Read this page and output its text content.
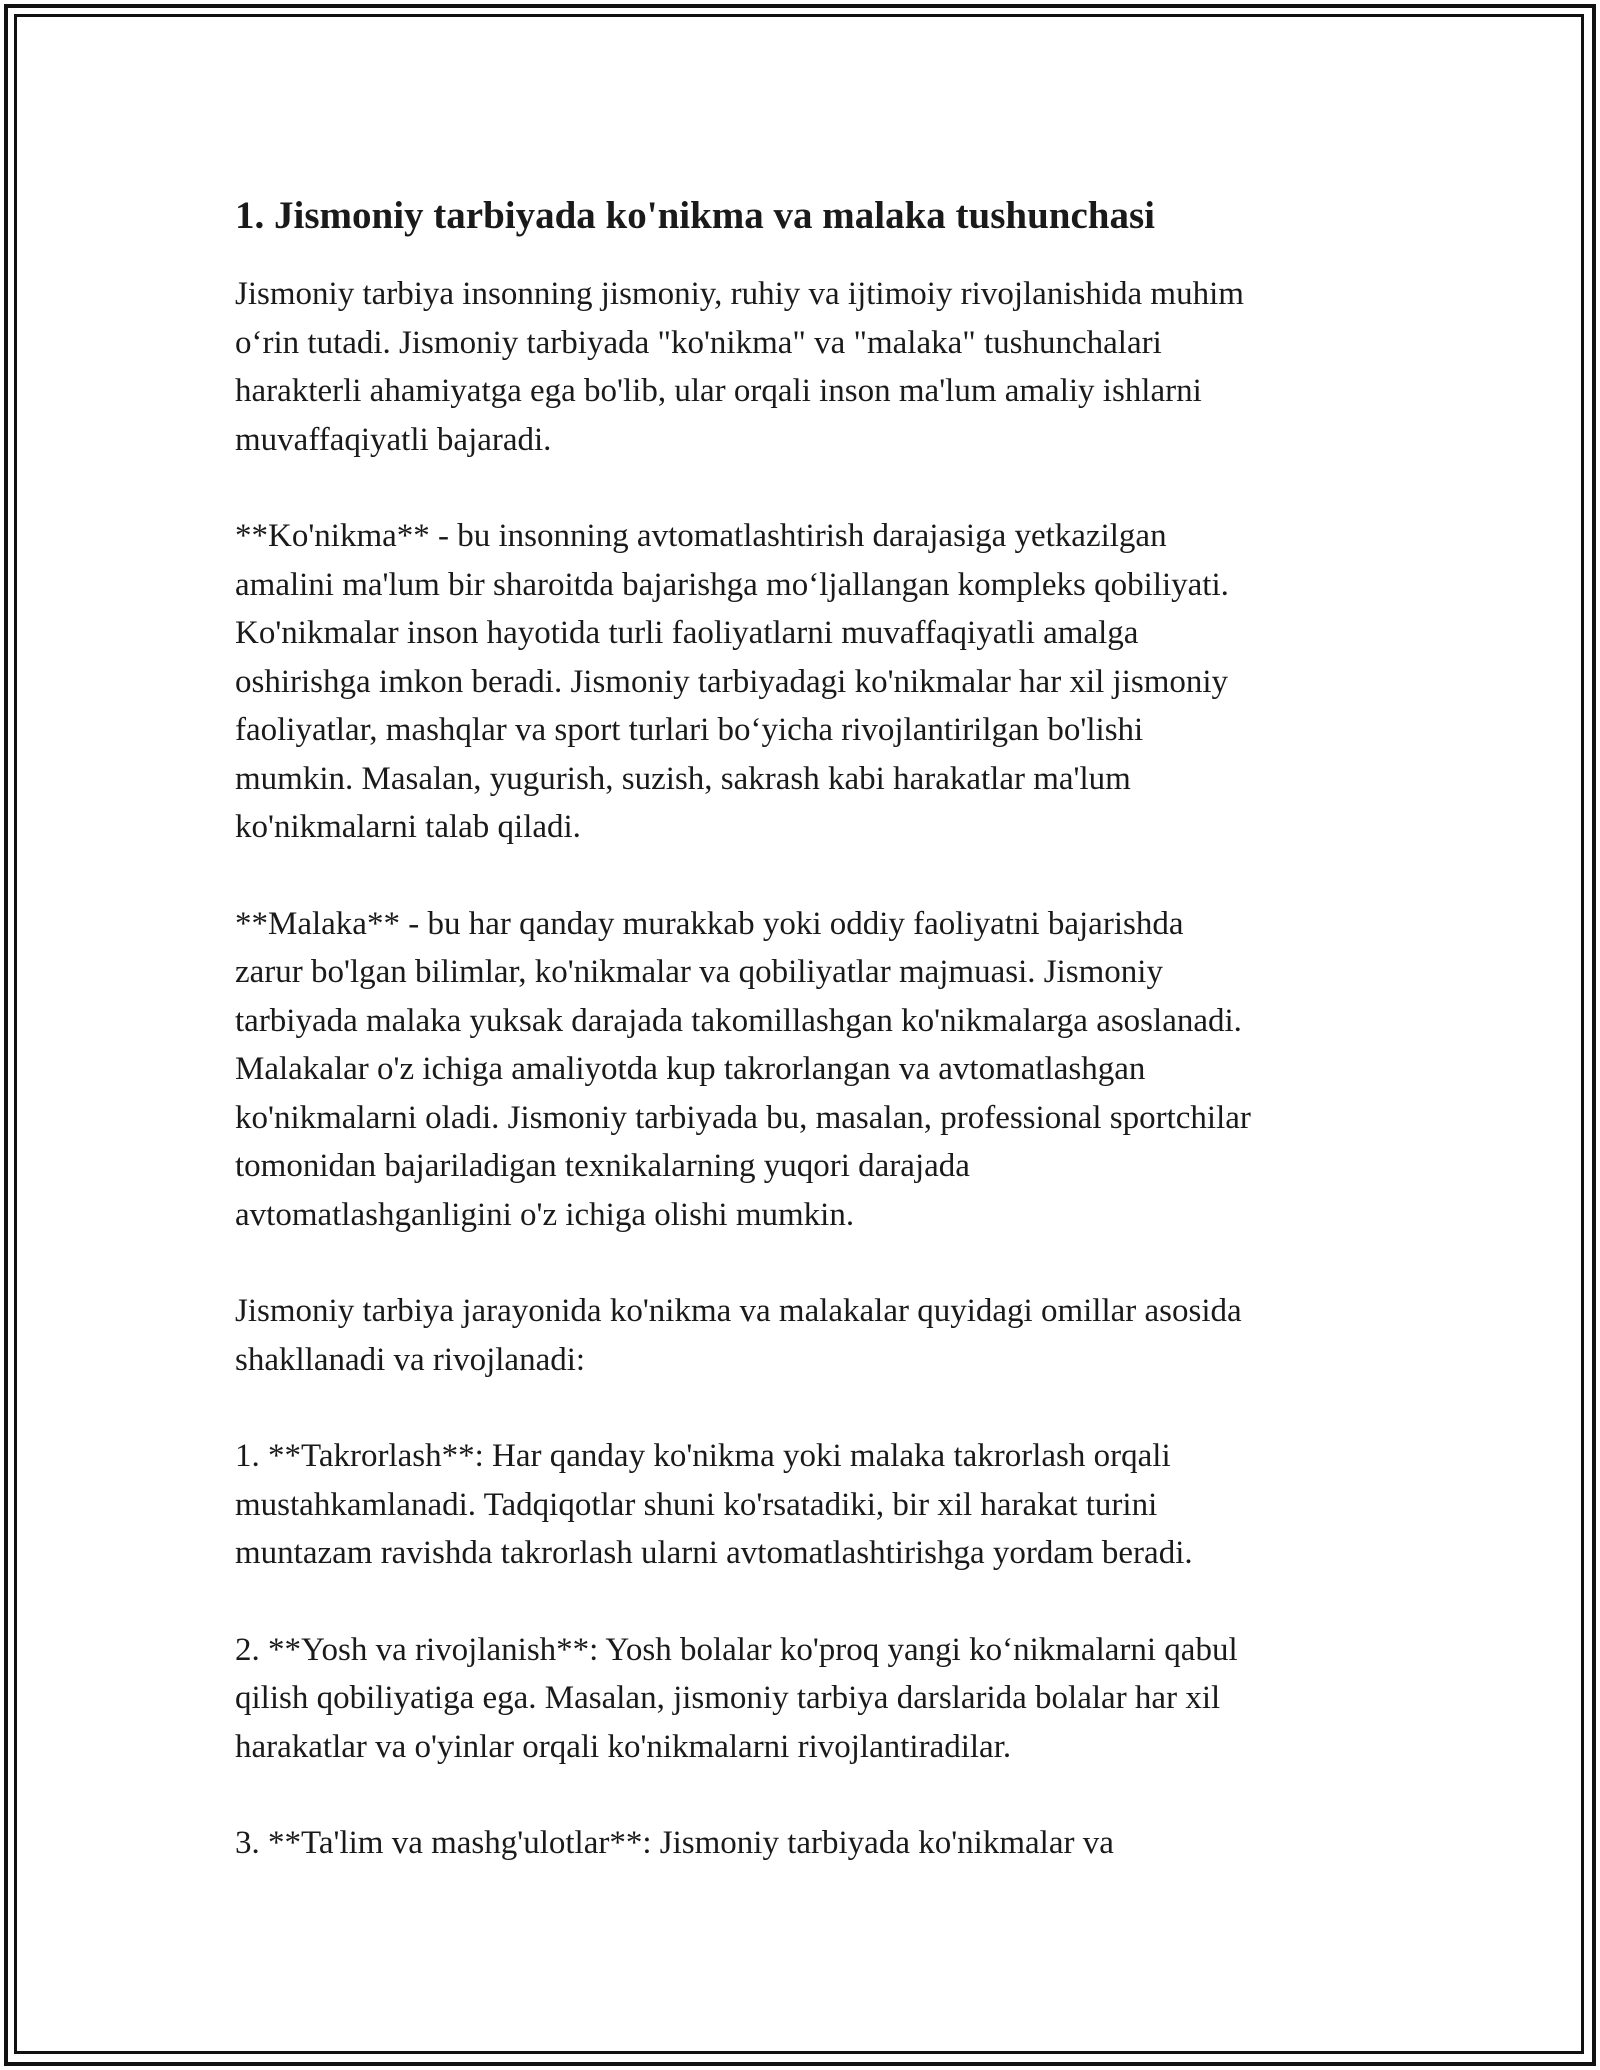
1. Jismoniy tarbiyada ko'nikma va malaka tushunchasi

Jismoniy tarbiya insonning jismoniy, ruhiy va ijtimoiy rivojlanishida muhim
o‘rin tutadi. Jismoniy tarbiyada "ko'nikma" va "malaka" tushunchalari
harakterli ahamiyatga ega bo'lib, ular orqali inson ma'lum amaliy ishlarni
muvaffaqiyatli bajaradi.

**Ko'nikma** - bu insonning avtomatlashtirish darajasiga yetkazilgan
amalini ma'lum bir sharoitda bajarishga mo‘ljallangan kompleks qobiliyati.
Ko'nikmalar inson hayotida turli faoliyatlarni muvaffaqiyatli amalga
oshirishga imkon beradi. Jismoniy tarbiyadagi ko'nikmalar har xil jismoniy
faoliyatlar, mashqlar va sport turlari bo‘yicha rivojlantirilgan bo'lishi
mumkin. Masalan, yugurish, suzish, sakrash kabi harakatlar ma'lum
ko'nikmalarni talab qiladi.

**Malaka** - bu har qanday murakkab yoki oddiy faoliyatni bajarishda
zarur bo'lgan bilimlar, ko'nikmalar va qobiliyatlar majmuasi. Jismoniy
tarbiyada malaka yuksak darajada takomillashgan ko'nikmalarga asoslanadi.
Malakalar o'z ichiga amaliyotda kup takrorlangan va avtomatlashgan
ko'nikmalarni oladi. Jismoniy tarbiyada bu, masalan, professional sportchilar
tomonidan bajariladigan texnikalarning yuqori darajada
avtomatlashganligini o'z ichiga olishi mumkin.

Jismoniy tarbiya jarayonida ko'nikma va malakalar quyidagi omillar asosida
shakllanadi va rivojlanadi:

1. **Takrorlash**: Har qanday ko'nikma yoki malaka takrorlash orqali
mustahkamlanadi. Tadqiqotlar shuni ko'rsatadiki, bir xil harakat turini
muntazam ravishda takrorlash ularni avtomatlashtirishga yordam beradi.

2. **Yosh va rivojlanish**: Yosh bolalar ko'proq yangi ko‘nikmalarni qabul
qilish qobiliyatiga ega. Masalan, jismoniy tarbiya darslarida bolalar har xil
harakatlar va o'yinlar orqali ko'nikmalarni rivojlantiradilar.

3. **Ta'lim va mashg'ulotlar**: Jismoniy tarbiyada ko'nikmalar va
